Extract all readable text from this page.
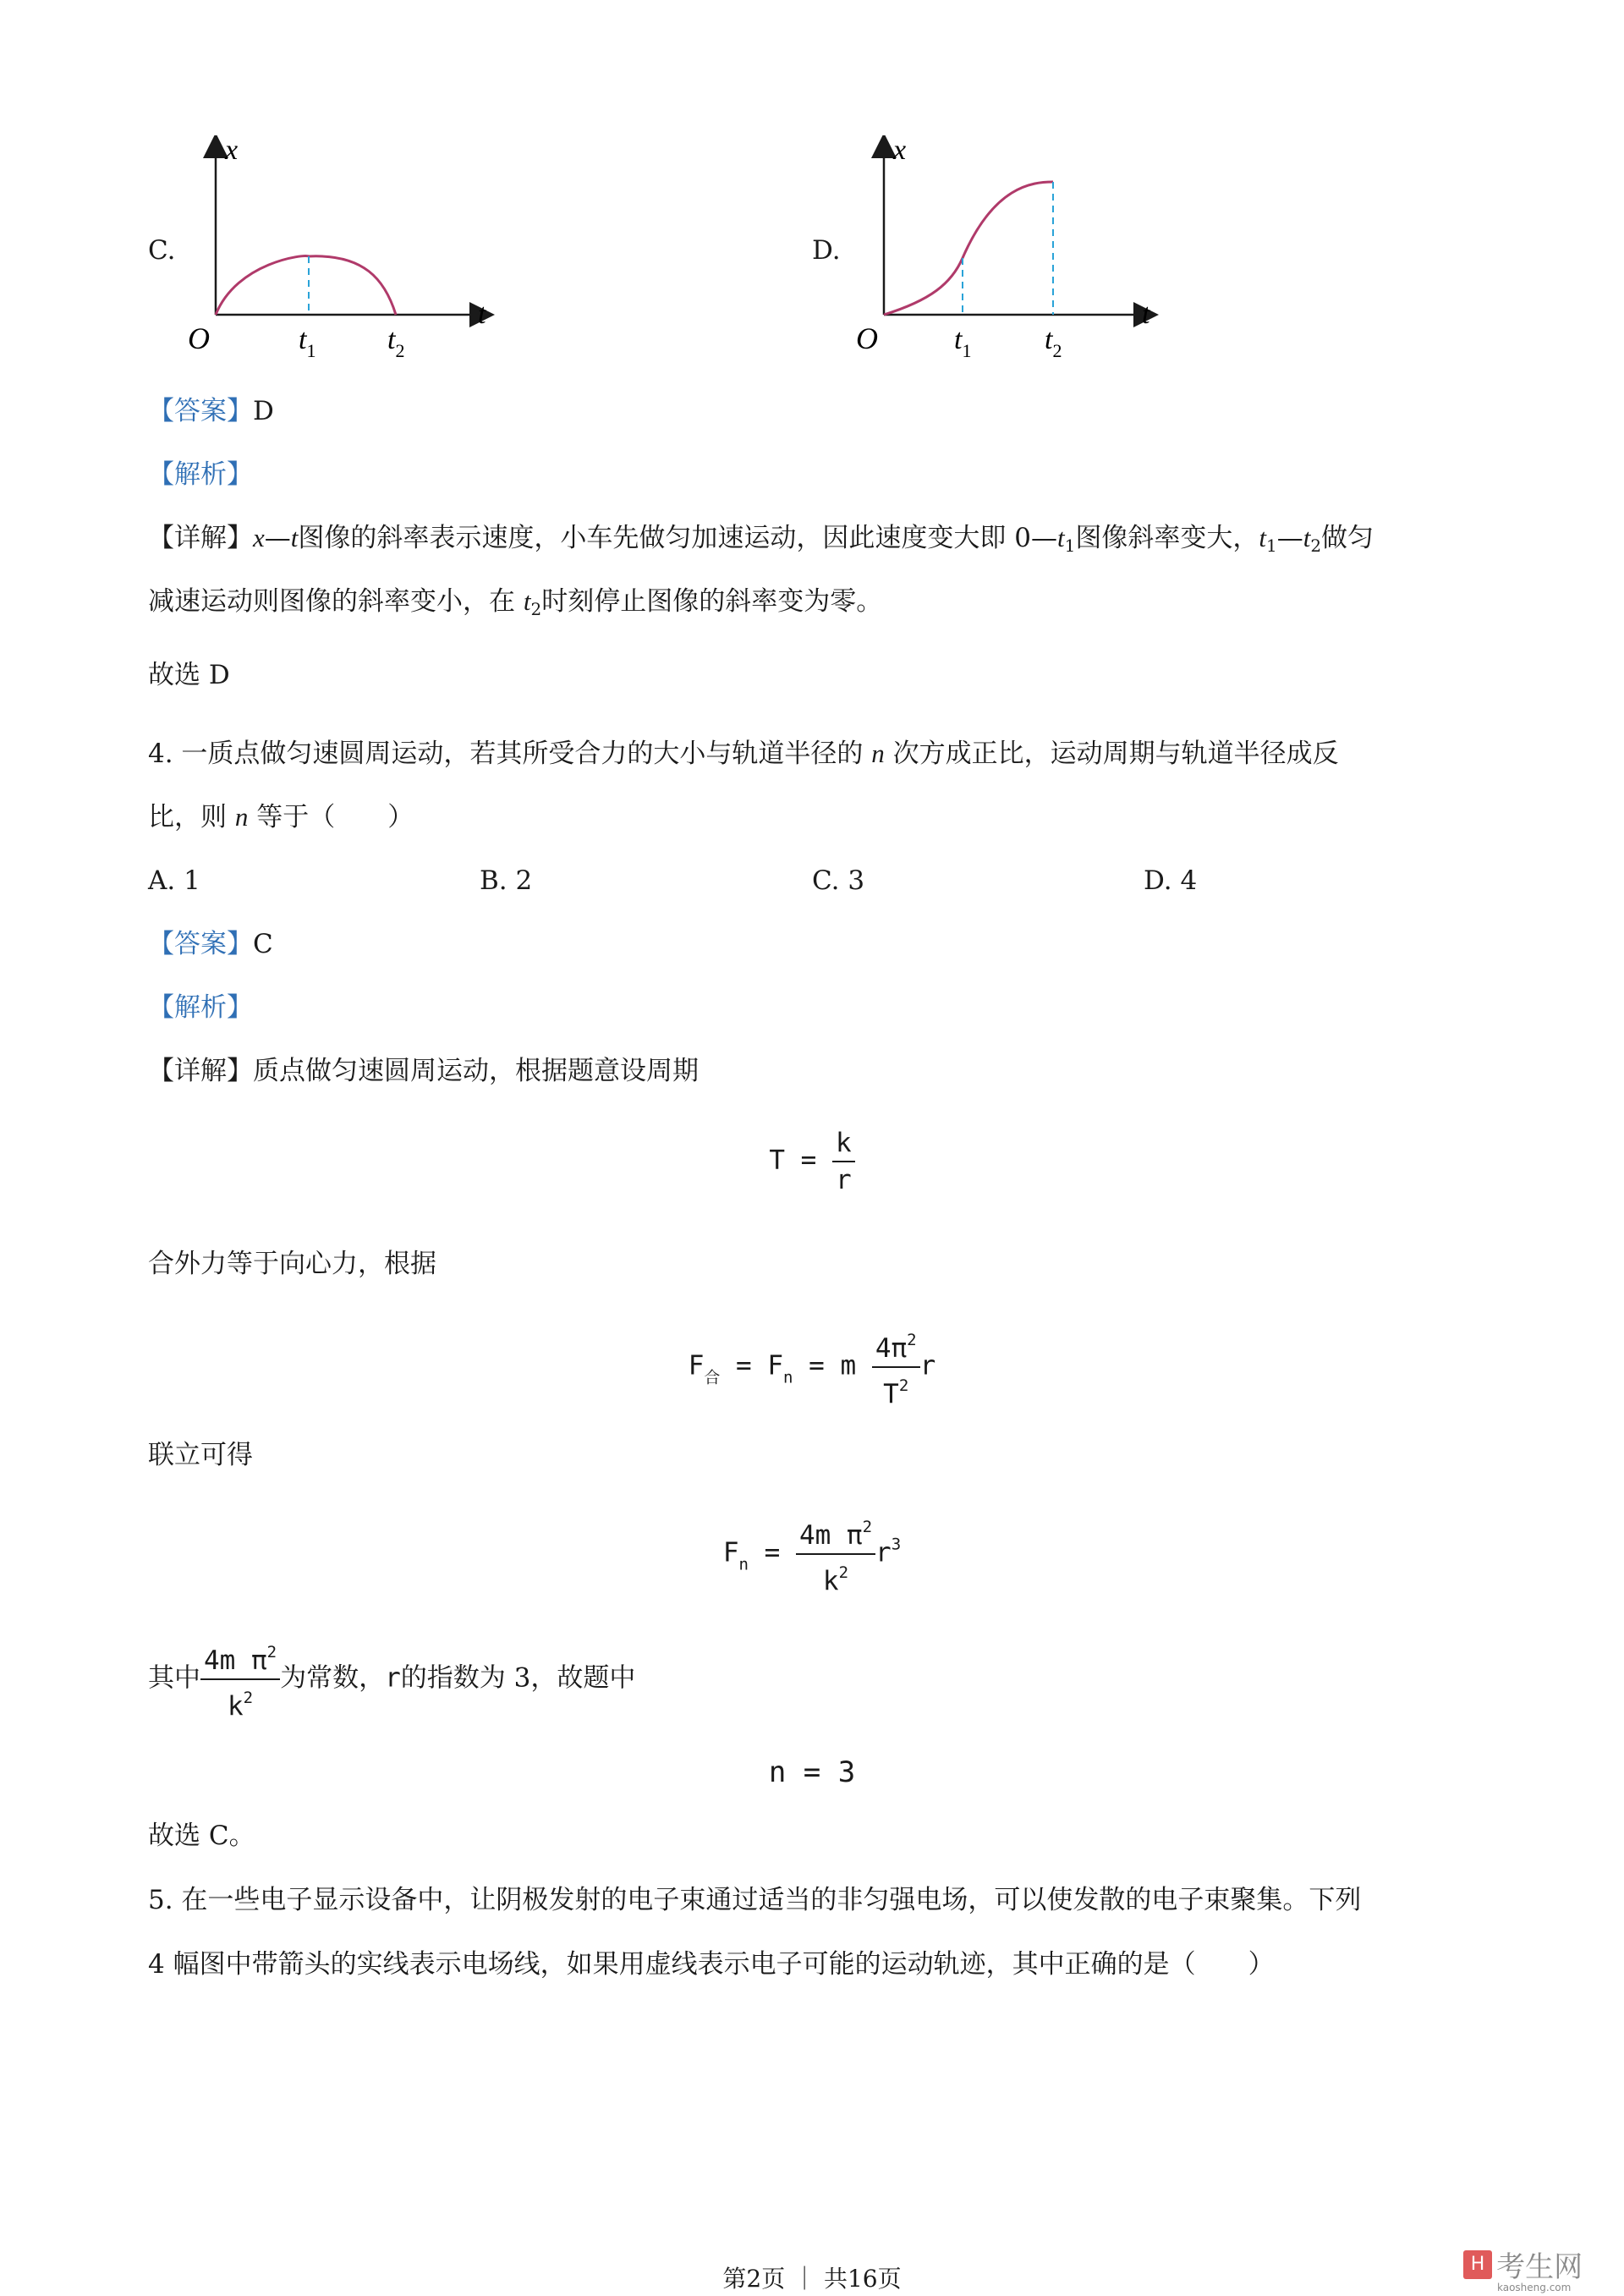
C.
x
t
O	$t_1$ $t_2$
D.
x
t
O	$t_1$	$t_2$
【答案】D
【解析】
【详解】x—t图像的斜率表示速度，小车先做匀加速运动，因此速度变大即 $0—t_1$图像斜率变大，$t_1—t_2$做匀
减速运动则图像的斜率变小，在 $t_2$时刻停止图像的斜率变为零。
故选 D
4. 一质点做匀速圆周运动，若其所受合力的大小与轨道半径的 n 次方成正比，运动周期与轨道半径成反
比，则 n 等于（　　）
A. 1	B. 2	C. 3	D. 4
【答案】C
【解析】
【详解】质点做匀速圆周运动，根据题意设周期
$T = \frac{k}{r}$
合外力等于向心力，根据
$F_合 = F_n = m \frac{4\pi^2}{T^2}$ r
联立可得
$F_n = \frac{4m \pi^2}{k^2} r^3$
其中 $\frac{4m \pi^2}{k^2}$ 为常数，r的指数为 3，故题中
n = 3
故选 C。
5. 在一些电子显示设备中，让阴极发射的电子束通过适当的非匀强电场，可以使发散的电子束聚集。下列
4 幅图中带箭头的实线表示电场线，如果用虚线表示电子可能的运动轨迹，其中正确的是（　　）
第2页 ｜ 共16页
H 考生网
kaosheng.com
